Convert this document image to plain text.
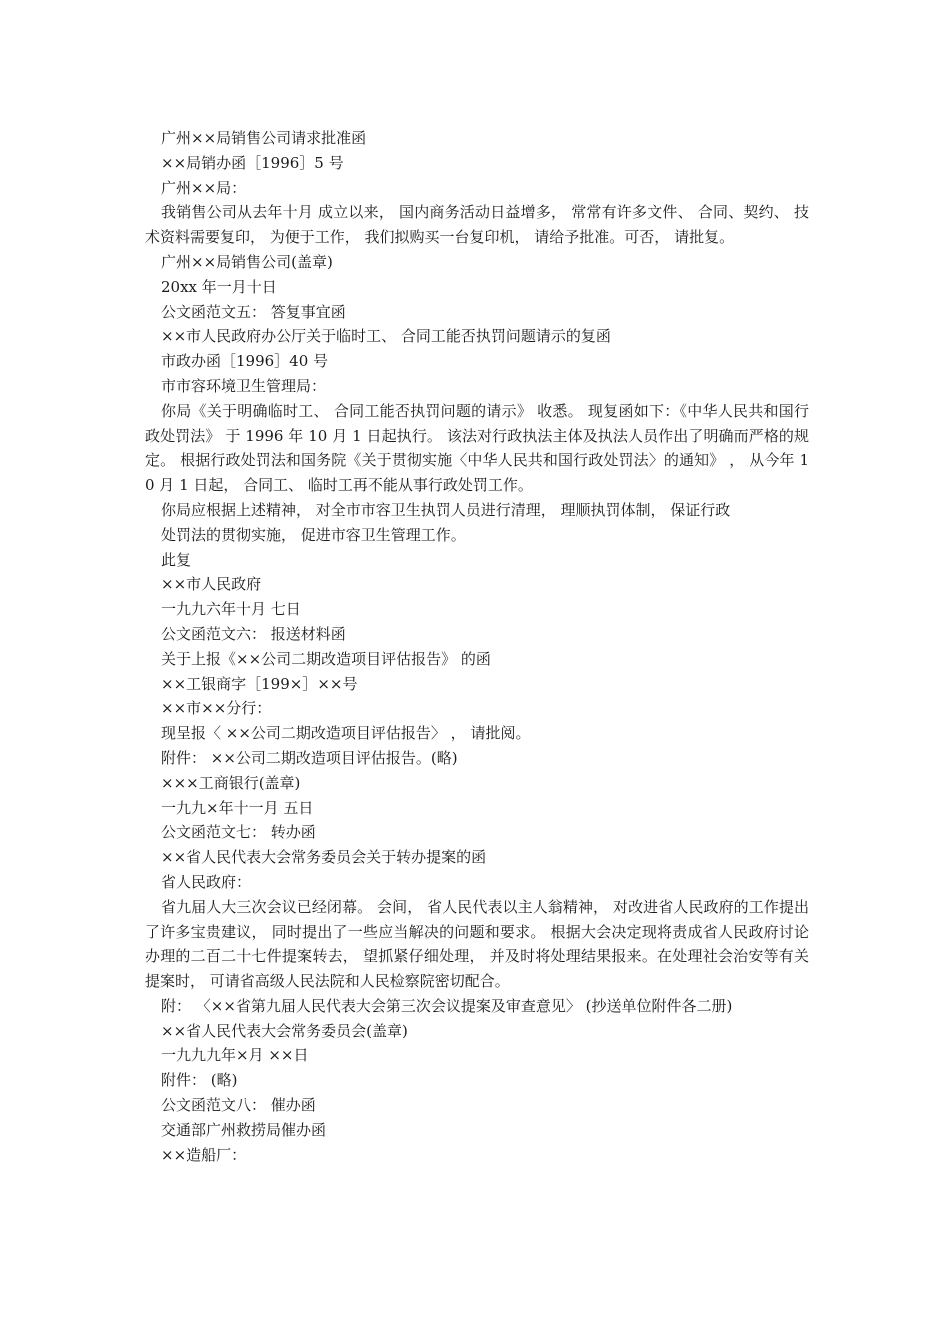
广州××局销售公司请求批准函

××局销办函［1996］5 号

广州××局：

我销售公司从去年十月 成立以来， 国内商务活动日益增多， 常常有许多文件、 合同、契约、 技术资料需要复印， 为便于工作， 我们拟购买一台复印机， 请给予批准。可否， 请批复。

广州××局销售公司(盖章)

20xx 年一月十日

公文函范文五： 答复事宜函

××市人民政府办公厅关于临时工、 合同工能否执罚问题请示的复函

市政办函［1996］40 号

市市容环境卫生管理局：

你局《关于明确临时工、 合同工能否执罚问题的请示》 收悉。 现复函如下：《中华人民共和国行政处罚法》 于 1996 年 10 月 1 日起执行。 该法对行政执法主体及执法人员作出了明确而严格的规定。 根据行政处罚法和国务院《关于贯彻实施〈中华人民共和国行政处罚法〉的通知》 ， 从今年 10 月 1 日起， 合同工、 临时工再不能从事行政处罚工作。

你局应根据上述精神， 对全市市容卫生执罚人员进行清理， 理顺执罚体制， 保证行政

处罚法的贯彻实施， 促进市容卫生管理工作。

此复

××市人民政府

一九九六年十月 七日

公文函范文六： 报送材料函

关于上报《××公司二期改造项目评估报告》 的函

××工银商字［199×］××号

××市××分行：

现呈报〈 ××公司二期改造项目评估报告〉 ， 请批阅。

附件： ××公司二期改造项目评估报告。(略)

×××工商银行(盖章)

一九九×年十一月 五日

公文函范文七： 转办函

××省人民代表大会常务委员会关于转办提案的函

省人民政府：

省九届人大三次会议已经闭幕。 会间， 省人民代表以主人翁精神， 对改进省人民政府的工作提出了许多宝贵建议， 同时提出了一些应当解决的问题和要求。 根据大会决定现将责成省人民政府讨论办理的二百二十七件提案转去， 望抓紧仔细处理， 并及时将处理结果报来。在处理社会治安等有关提案时， 可请省高级人民法院和人民检察院密切配合。

附： 〈××省第九届人民代表大会第三次会议提案及审查意见〉 (抄送单位附件各二册)

××省人民代表大会常务委员会(盖章)

一九九九年×月 ××日

附件： (略)

公文函范文八： 催办函

交通部广州救捞局催办函

××造船厂：
